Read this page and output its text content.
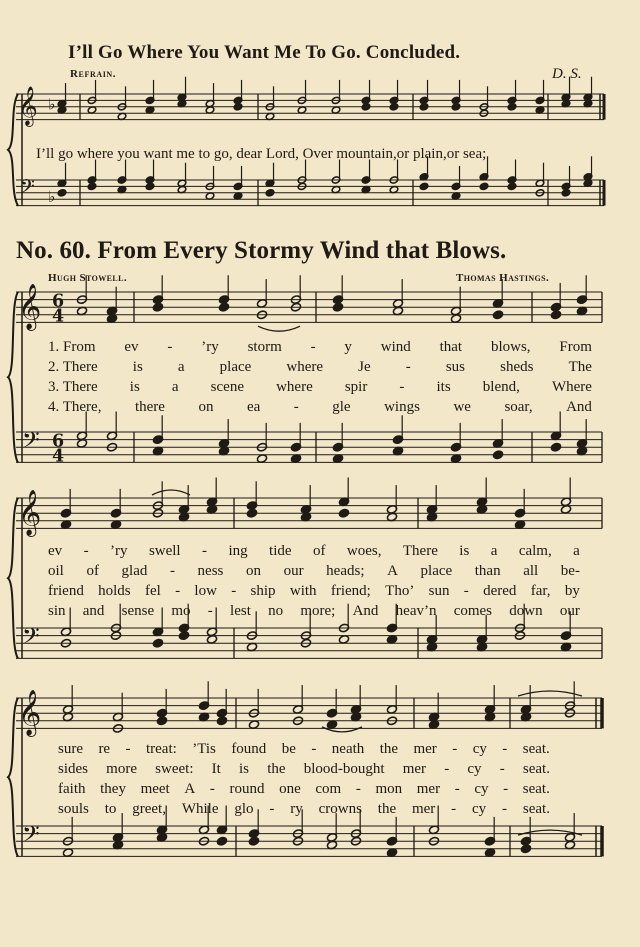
𝄞
𝄢
♭
♭
𝄞
𝄢
6
4
6
4
𝄞
𝄢
𝄞
𝄢
I’ll Go Where You Want Me To Go. Concluded.
Refrain.	D. S.
I’ll go where you want me to go, dear Lord, Over mountain,or plain,or sea;
No. 60. From Every Stormy Wind that Blows.
Hugh Stowell.	Thomas Hastings.
1. From ev - ’ry storm - y wind that blows, From
2. There is a place where Je - sus sheds The
3. There is a scene where spir - its blend, Where
4. There, there on ea - gle wings we soar, And
ev - ’ry swell - ing tide of woes, There is a calm, a
oil of glad - ness on our heads; A place than all be-
friend holds fel - low - ship with friend; Tho’ sun - dered far, by
sin and sense mo - lest no more; And heav’n comes down our
sure re - treat: ’Tis found be - neath the mer - cy - seat.
sides more sweet: It is the blood-bought mer - cy - seat.
faith they meet A - round one com - mon mer - cy - seat.
souls to greet, While glo - ry crowns the mer - cy - seat.
